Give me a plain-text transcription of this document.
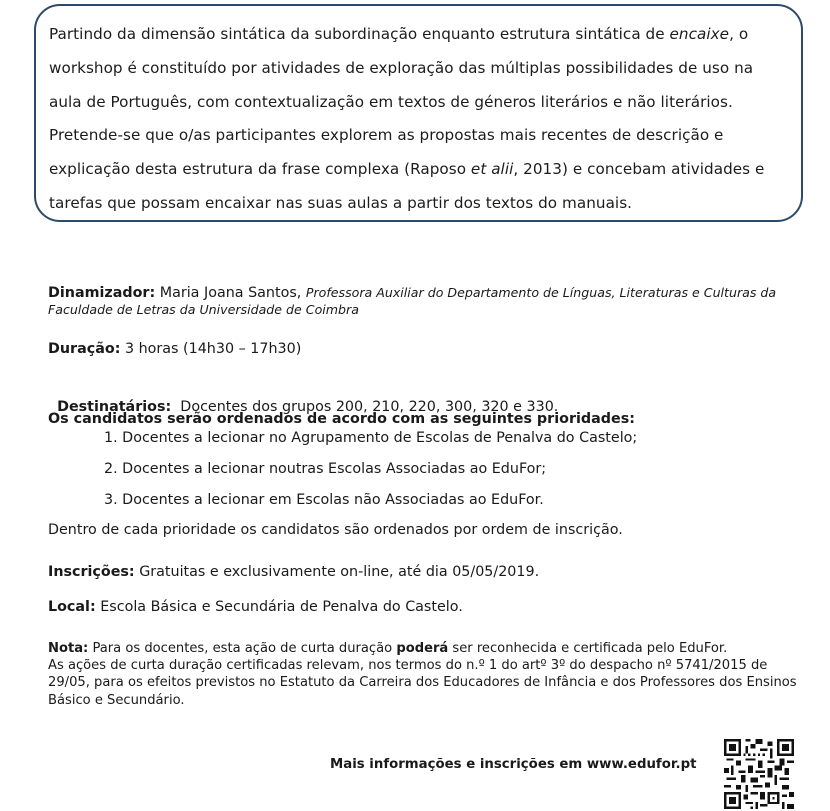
Partindo da dimensão sintática da subordinação enquanto estrutura sintática de encaixe, o workshop é constituído por atividades de exploração das múltiplas possibilidades de uso na aula de Português, com contextualização em textos de géneros literários e não literários. Pretende-se que o/as participantes explorem as propostas mais recentes de descrição e explicação desta estrutura da frase complexa (Raposo et alii, 2013) e concebam atividades e tarefas que possam encaixar nas suas aulas a partir dos textos do manuais.

Dinamizador: Maria Joana Santos, Professora Auxiliar do Departamento de Línguas, Literaturas e Culturas da Faculdade de Letras da Universidade de Coimbra
Duração: 3 horas (14h30 – 17h30)

Destinatários:  Docentes dos grupos 200, 210, 220, 300, 320 e 330.

Os candidatos serão ordenados de acordo com as seguintes prioridades:
1. Docentes a lecionar no Agrupamento de Escolas de Penalva do Castelo;
2. Docentes a lecionar noutras Escolas Associadas ao EduFor;
3. Docentes a lecionar em Escolas não Associadas ao EduFor.
Dentro de cada prioridade os candidatos são ordenados por ordem de inscrição.
Inscrições: Gratuitas e exclusivamente on-line, até dia 05/05/2019.
Local: Escola Básica e Secundária de Penalva do Castelo.
Nota: Para os docentes, esta ação de curta duração poderá ser reconhecida e certificada pelo EduFor.
As ações de curta duração certificadas relevam, nos termos do n.º 1 do artº 3º do despacho nº 5741/2015 de 29/05, para os efeitos previstos no Estatuto da Carreira dos Educadores de Infância e dos Professores dos Ensinos Básico e Secundário.
Mais informações e inscrições em www.edufor.pt
